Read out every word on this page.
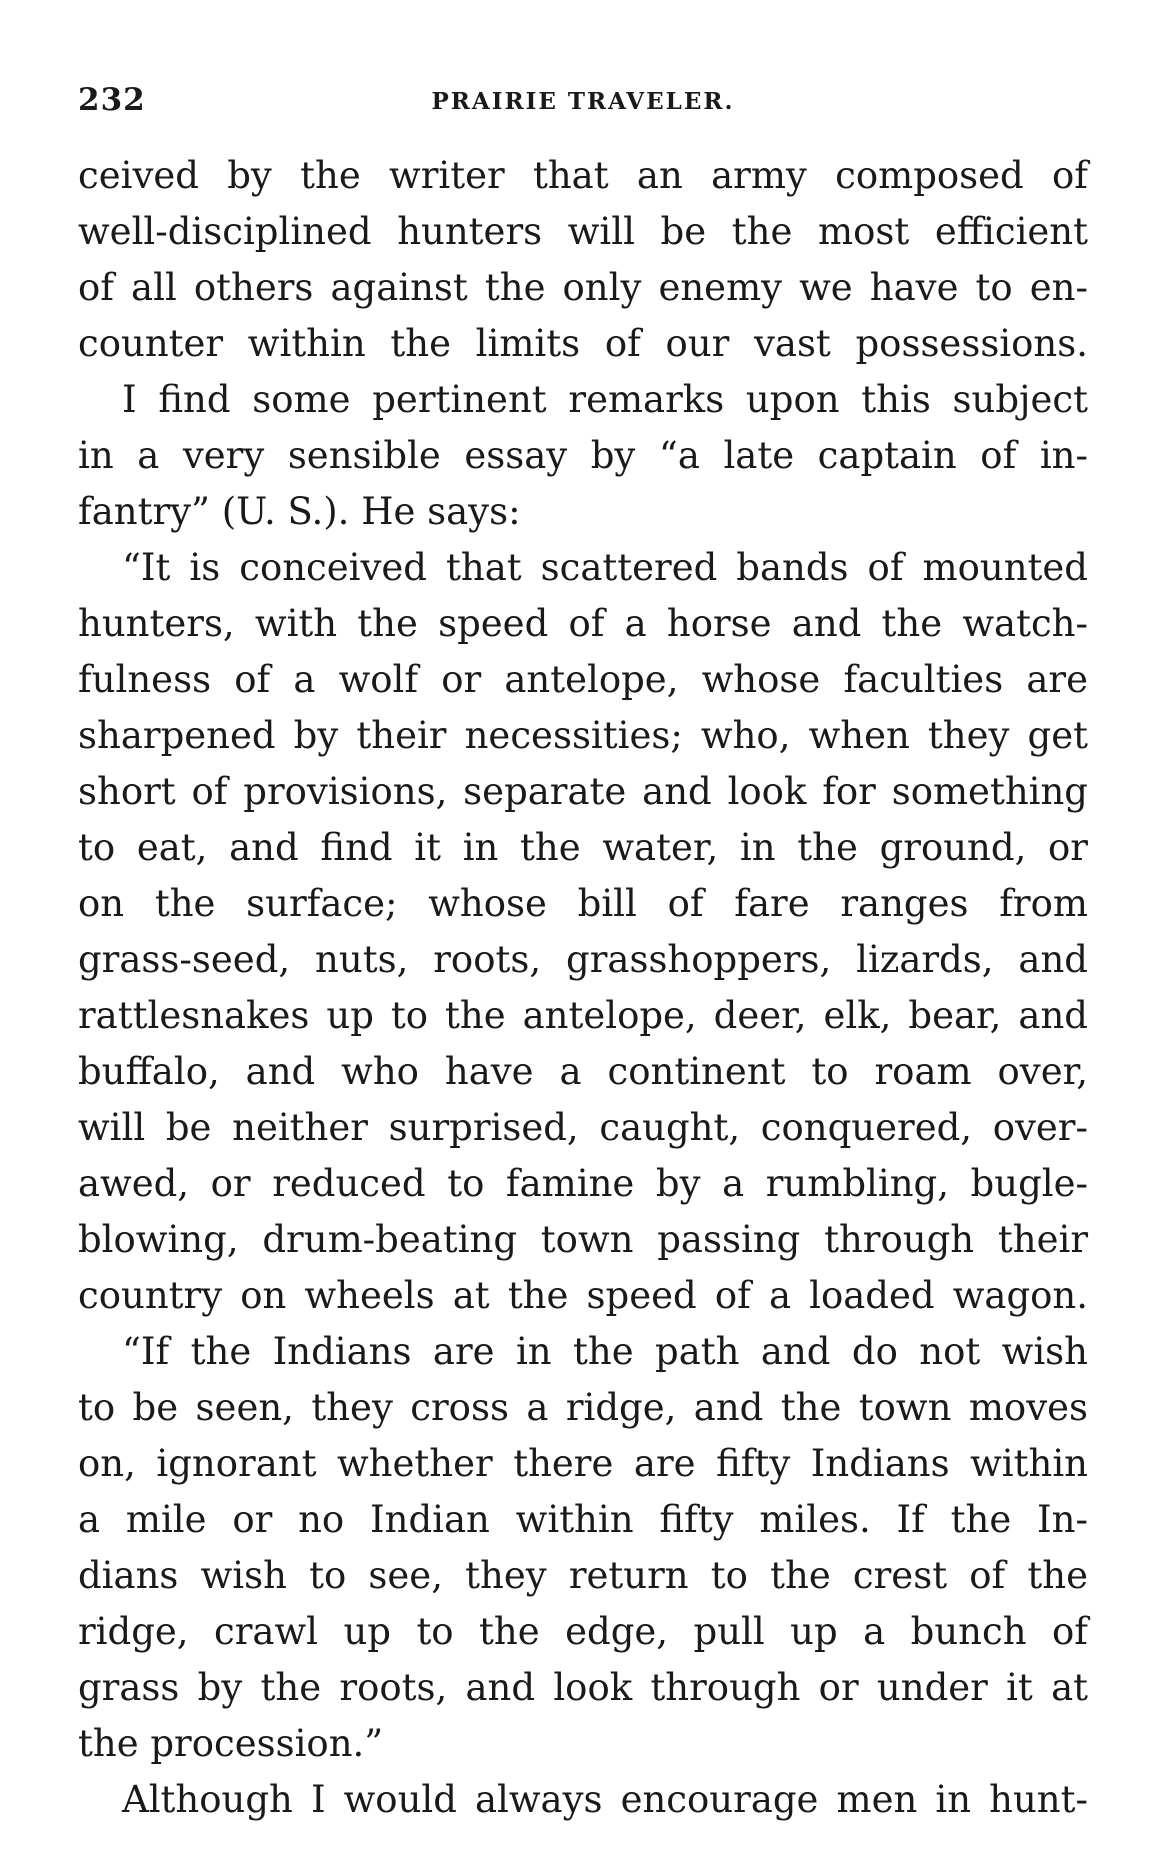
232	PRAIRIE TRAVELER.
ceived by the writer that an army composed of
well-disciplined hunters will be the most efficient
of all others against the only enemy we have to en-
counter within the limits of our vast possessions.
I find some pertinent remarks upon this subject
in a very sensible essay by “a late captain of in-
fantry” (U. S.). He says:
“It is conceived that scattered bands of mounted
hunters, with the speed of a horse and the watch-
fulness of a wolf or antelope, whose faculties are
sharpened by their necessities; who, when they get
short of provisions, separate and look for something
to eat, and find it in the water, in the ground, or
on the surface; whose bill of fare ranges from
grass-seed, nuts, roots, grasshoppers, lizards, and
rattlesnakes up to the antelope, deer, elk, bear, and
buffalo, and who have a continent to roam over,
will be neither surprised, caught, conquered, over-
awed, or reduced to famine by a rumbling, bugle-
blowing, drum-beating town passing through their
country on wheels at the speed of a loaded wagon.
“If the Indians are in the path and do not wish
to be seen, they cross a ridge, and the town moves
on, ignorant whether there are fifty Indians within
a mile or no Indian within fifty miles. If the In-
dians wish to see, they return to the crest of the
ridge, crawl up to the edge, pull up a bunch of
grass by the roots, and look through or under it at
the procession.”
Although I would always encourage men in hunt-
